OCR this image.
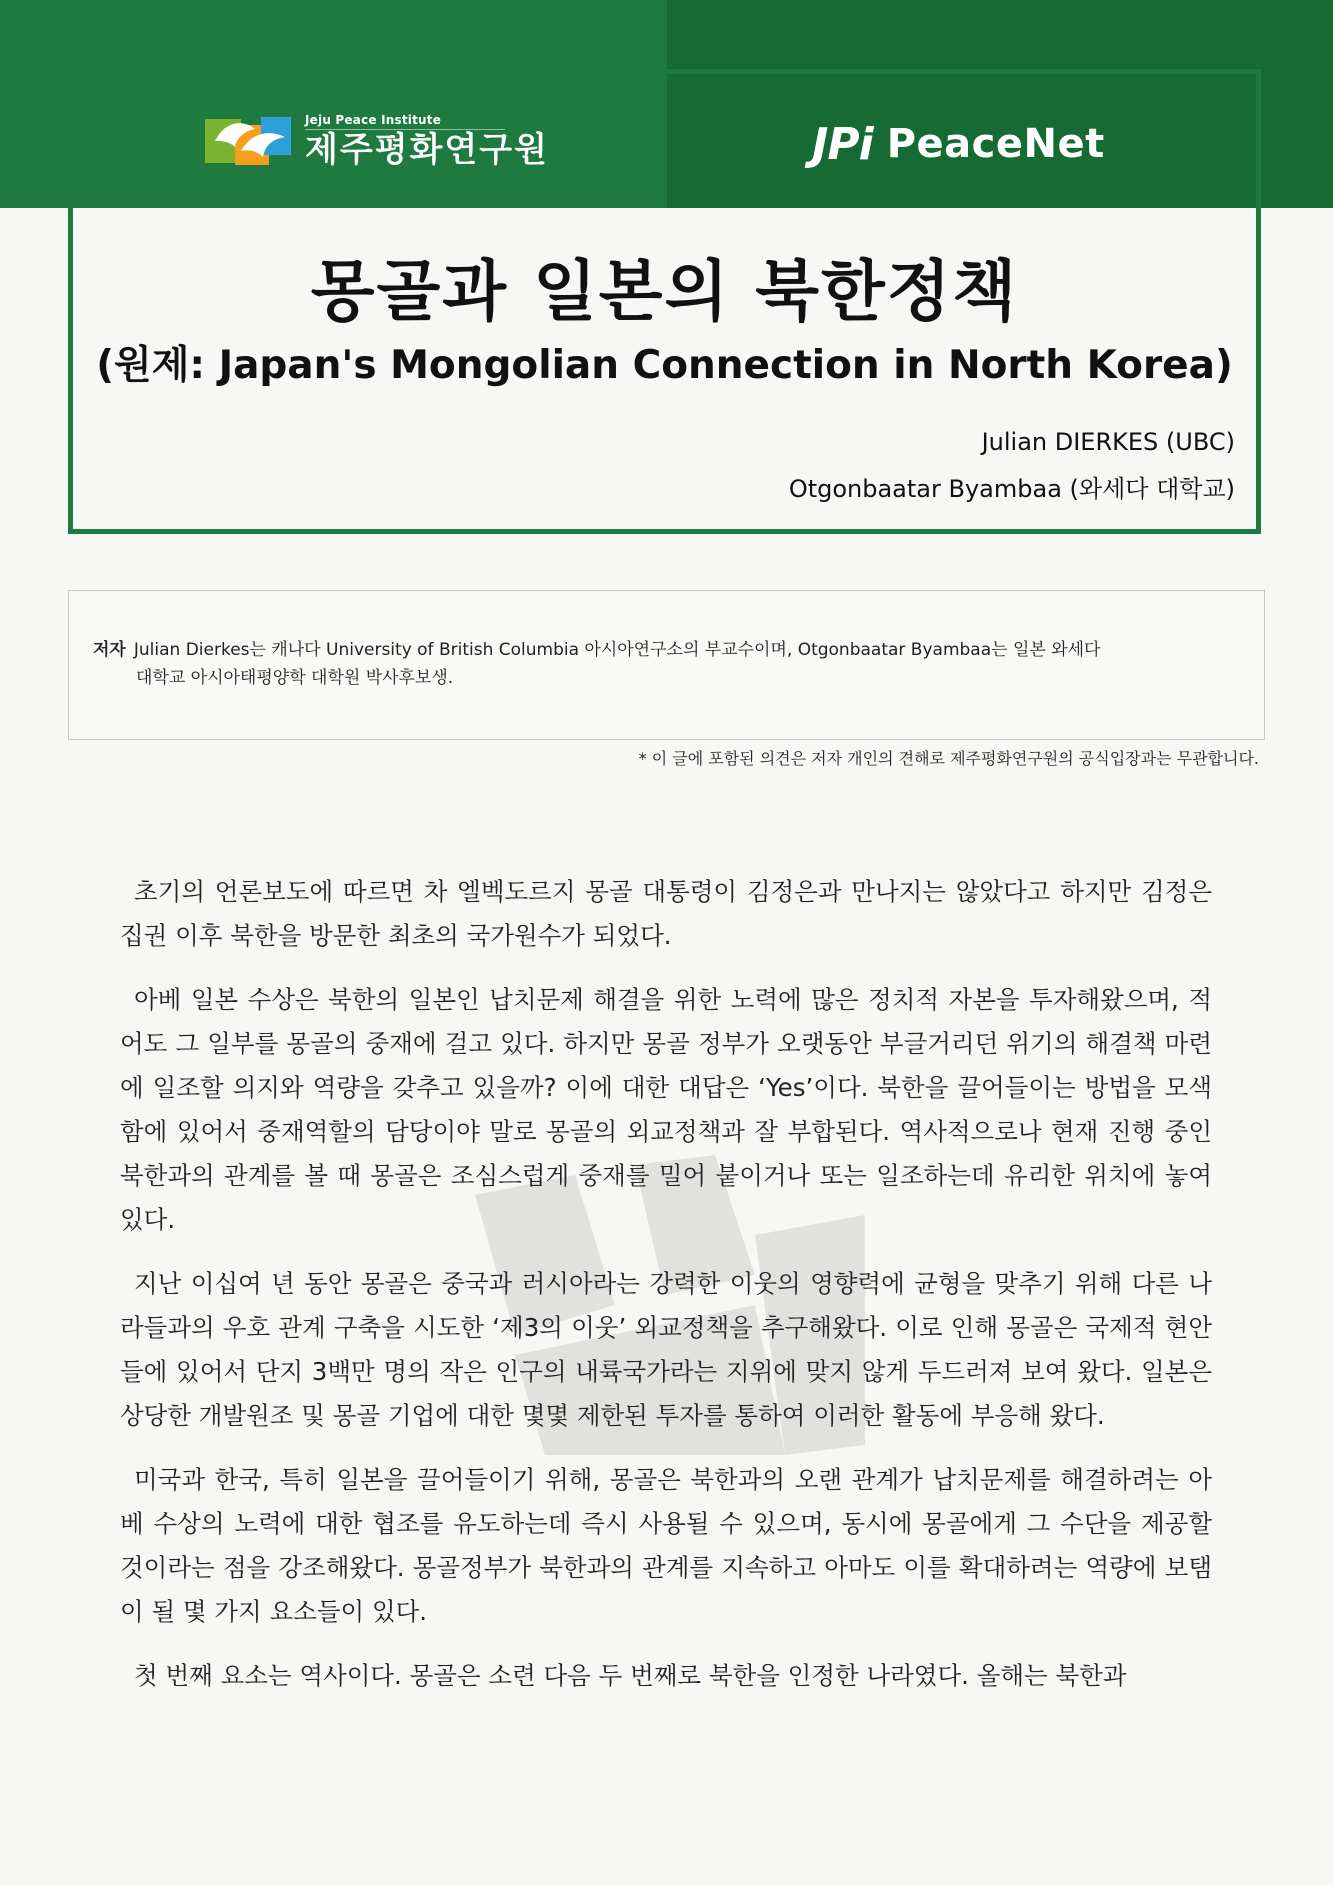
Jeju Peace Institute
제주평화연구원	JPi PeaceNet
몽골과 일본의 북한정책
(원제: Japan's Mongolian Connection in North Korea)
Julian DIERKES (UBC)
Otgonbaatar Byambaa (와세다 대학교)
저자 Julian Dierkes는 캐나다 University of British Columbia 아시아연구소의 부교수이며, Otgonbaatar Byambaa는 일본 와세다
대학교 아시아태평양학 대학원 박사후보생.
* 이 글에 포함된 의견은 저자 개인의 견해로 제주평화연구원의 공식입장과는 무관합니다.

초기의 언론보도에 따르면 차 엘벡도르지 몽골 대통령이 김정은과 만나지는 않았다고 하지만 김정은 집권 이후 북한을 방문한 최초의 국가원수가 되었다.

아베 일본 수상은 북한의 일본인 납치문제 해결을 위한 노력에 많은 정치적 자본을 투자해왔으며, 적어도 그 일부를 몽골의 중재에 걸고 있다. 하지만 몽골 정부가 오랫동안 부글거리던 위기의 해결책 마련에 일조할 의지와 역량을 갖추고 있을까? 이에 대한 대답은 ‘Yes’이다. 북한을 끌어들이는 방법을 모색함에 있어서 중재역할의 담당이야 말로 몽골의 외교정책과 잘 부합된다. 역사적으로나 현재 진행 중인 북한과의 관계를 볼 때 몽골은 조심스럽게 중재를 밀어 붙이거나 또는 일조하는데 유리한 위치에 놓여 있다.

지난 이십여 년 동안 몽골은 중국과 러시아라는 강력한 이웃의 영향력에 균형을 맞추기 위해 다른 나라들과의 우호 관계 구축을 시도한 ‘제3의 이웃’ 외교정책을 추구해왔다. 이로 인해 몽골은 국제적 현안들에 있어서 단지 3백만 명의 작은 인구의 내륙국가라는 지위에 맞지 않게 두드러져 보여 왔다. 일본은 상당한 개발원조 및 몽골 기업에 대한 몇몇 제한된 투자를 통하여 이러한 활동에 부응해 왔다.

미국과 한국, 특히 일본을 끌어들이기 위해, 몽골은 북한과의 오랜 관계가 납치문제를 해결하려는 아베 수상의 노력에 대한 협조를 유도하는데 즉시 사용될 수 있으며, 동시에 몽골에게 그 수단을 제공할 것이라는 점을 강조해왔다. 몽골정부가 북한과의 관계를 지속하고 아마도 이를 확대하려는 역량에 보탬이 될 몇 가지 요소들이 있다.

첫 번째 요소는 역사이다. 몽골은 소련 다음 두 번째로 북한을 인정한 나라였다. 올해는 북한과
